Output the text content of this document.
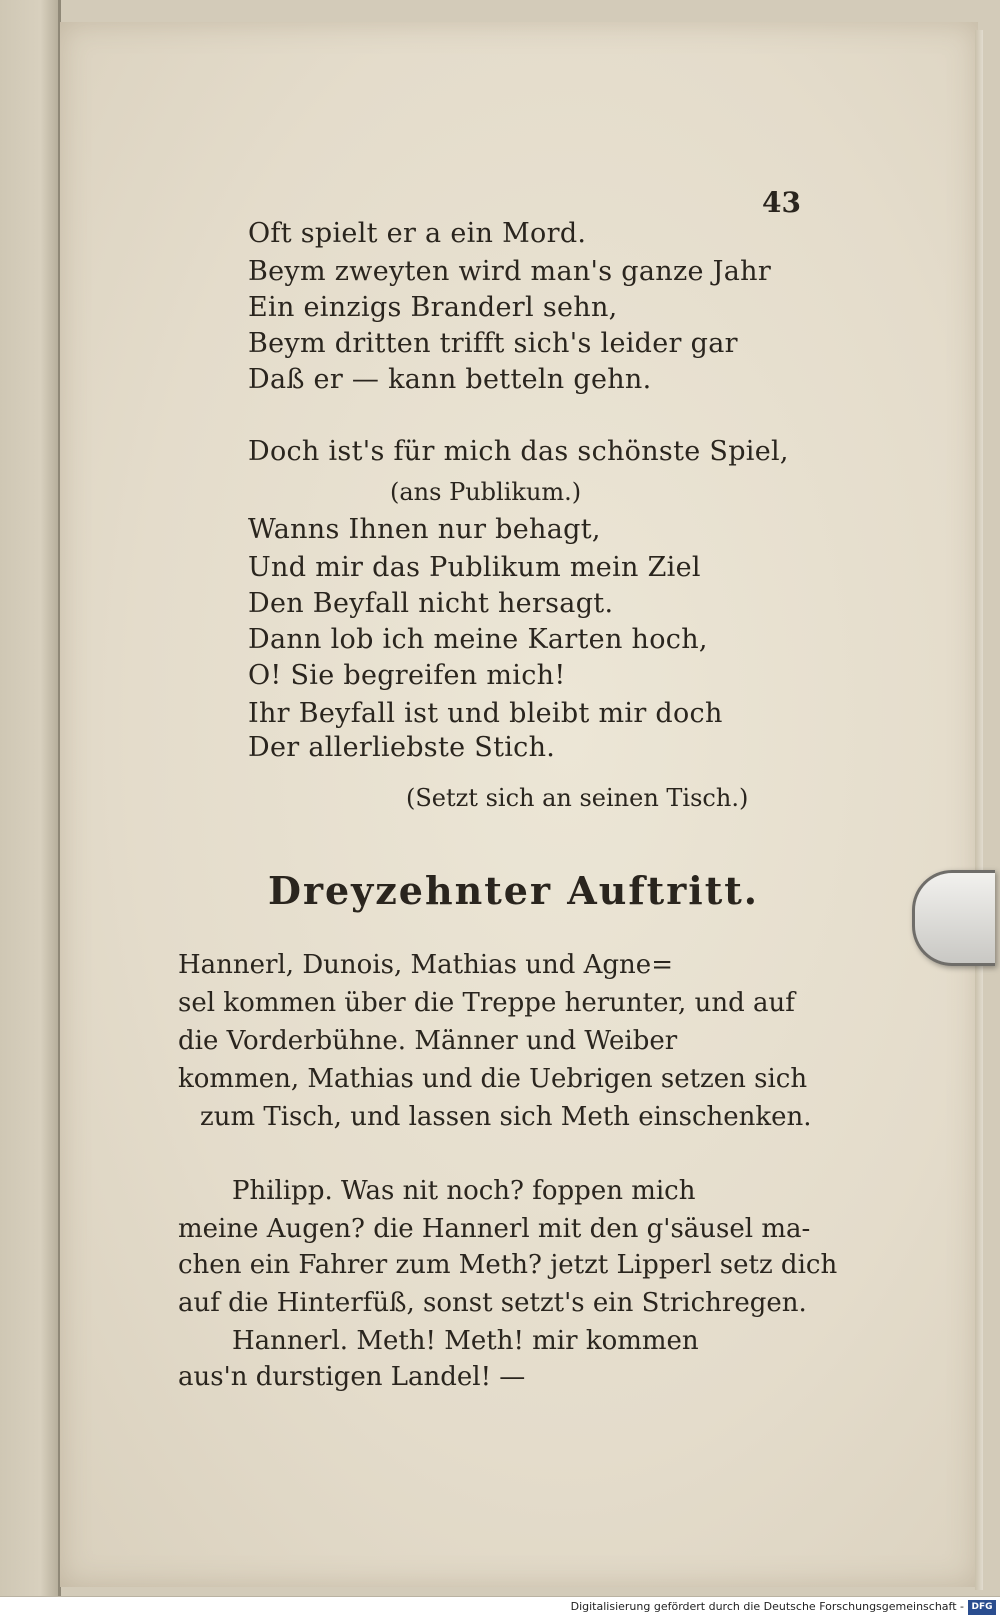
43
Oft spielt er a ein Mord.
Beym zweyten wird man's ganze Jahr
Ein einzigs Branderl sehn,
Beym dritten trifft sich's leider gar
Daß er — kann betteln gehn.
Doch ist's für mich das schönste Spiel,
(ans Publikum.)
Wanns Ihnen nur behagt,
Und mir das Publikum mein Ziel
Den Beyfall nicht hersagt.
Dann lob ich meine Karten hoch,
O! Sie begreifen mich!
Ihr Beyfall ist und bleibt mir doch
Der allerliebste Stich.
(Setzt sich an seinen Tisch.)
Dreyzehnter Auftritt.
Hannerl, Dunois, Mathias und Agne=
sel kommen über die Treppe herunter, und auf
die Vorderbühne. Männer und Weiber
kommen, Mathias und die Uebrigen setzen sich
zum Tisch, und lassen sich Meth einschenken.
Philipp. Was nit noch? foppen mich
meine Augen? die Hannerl mit den g'säusel ma-
chen ein Fahrer zum Meth? jetzt Lipperl setz dich
auf die Hinterfüß, sonst setzt's ein Strichregen.
Hannerl. Meth! Meth! mir kommen
aus'n durstigen Landel! —
Digitalisierung gefördert durch die Deutsche Forschungsgemeinschaft - DFG
